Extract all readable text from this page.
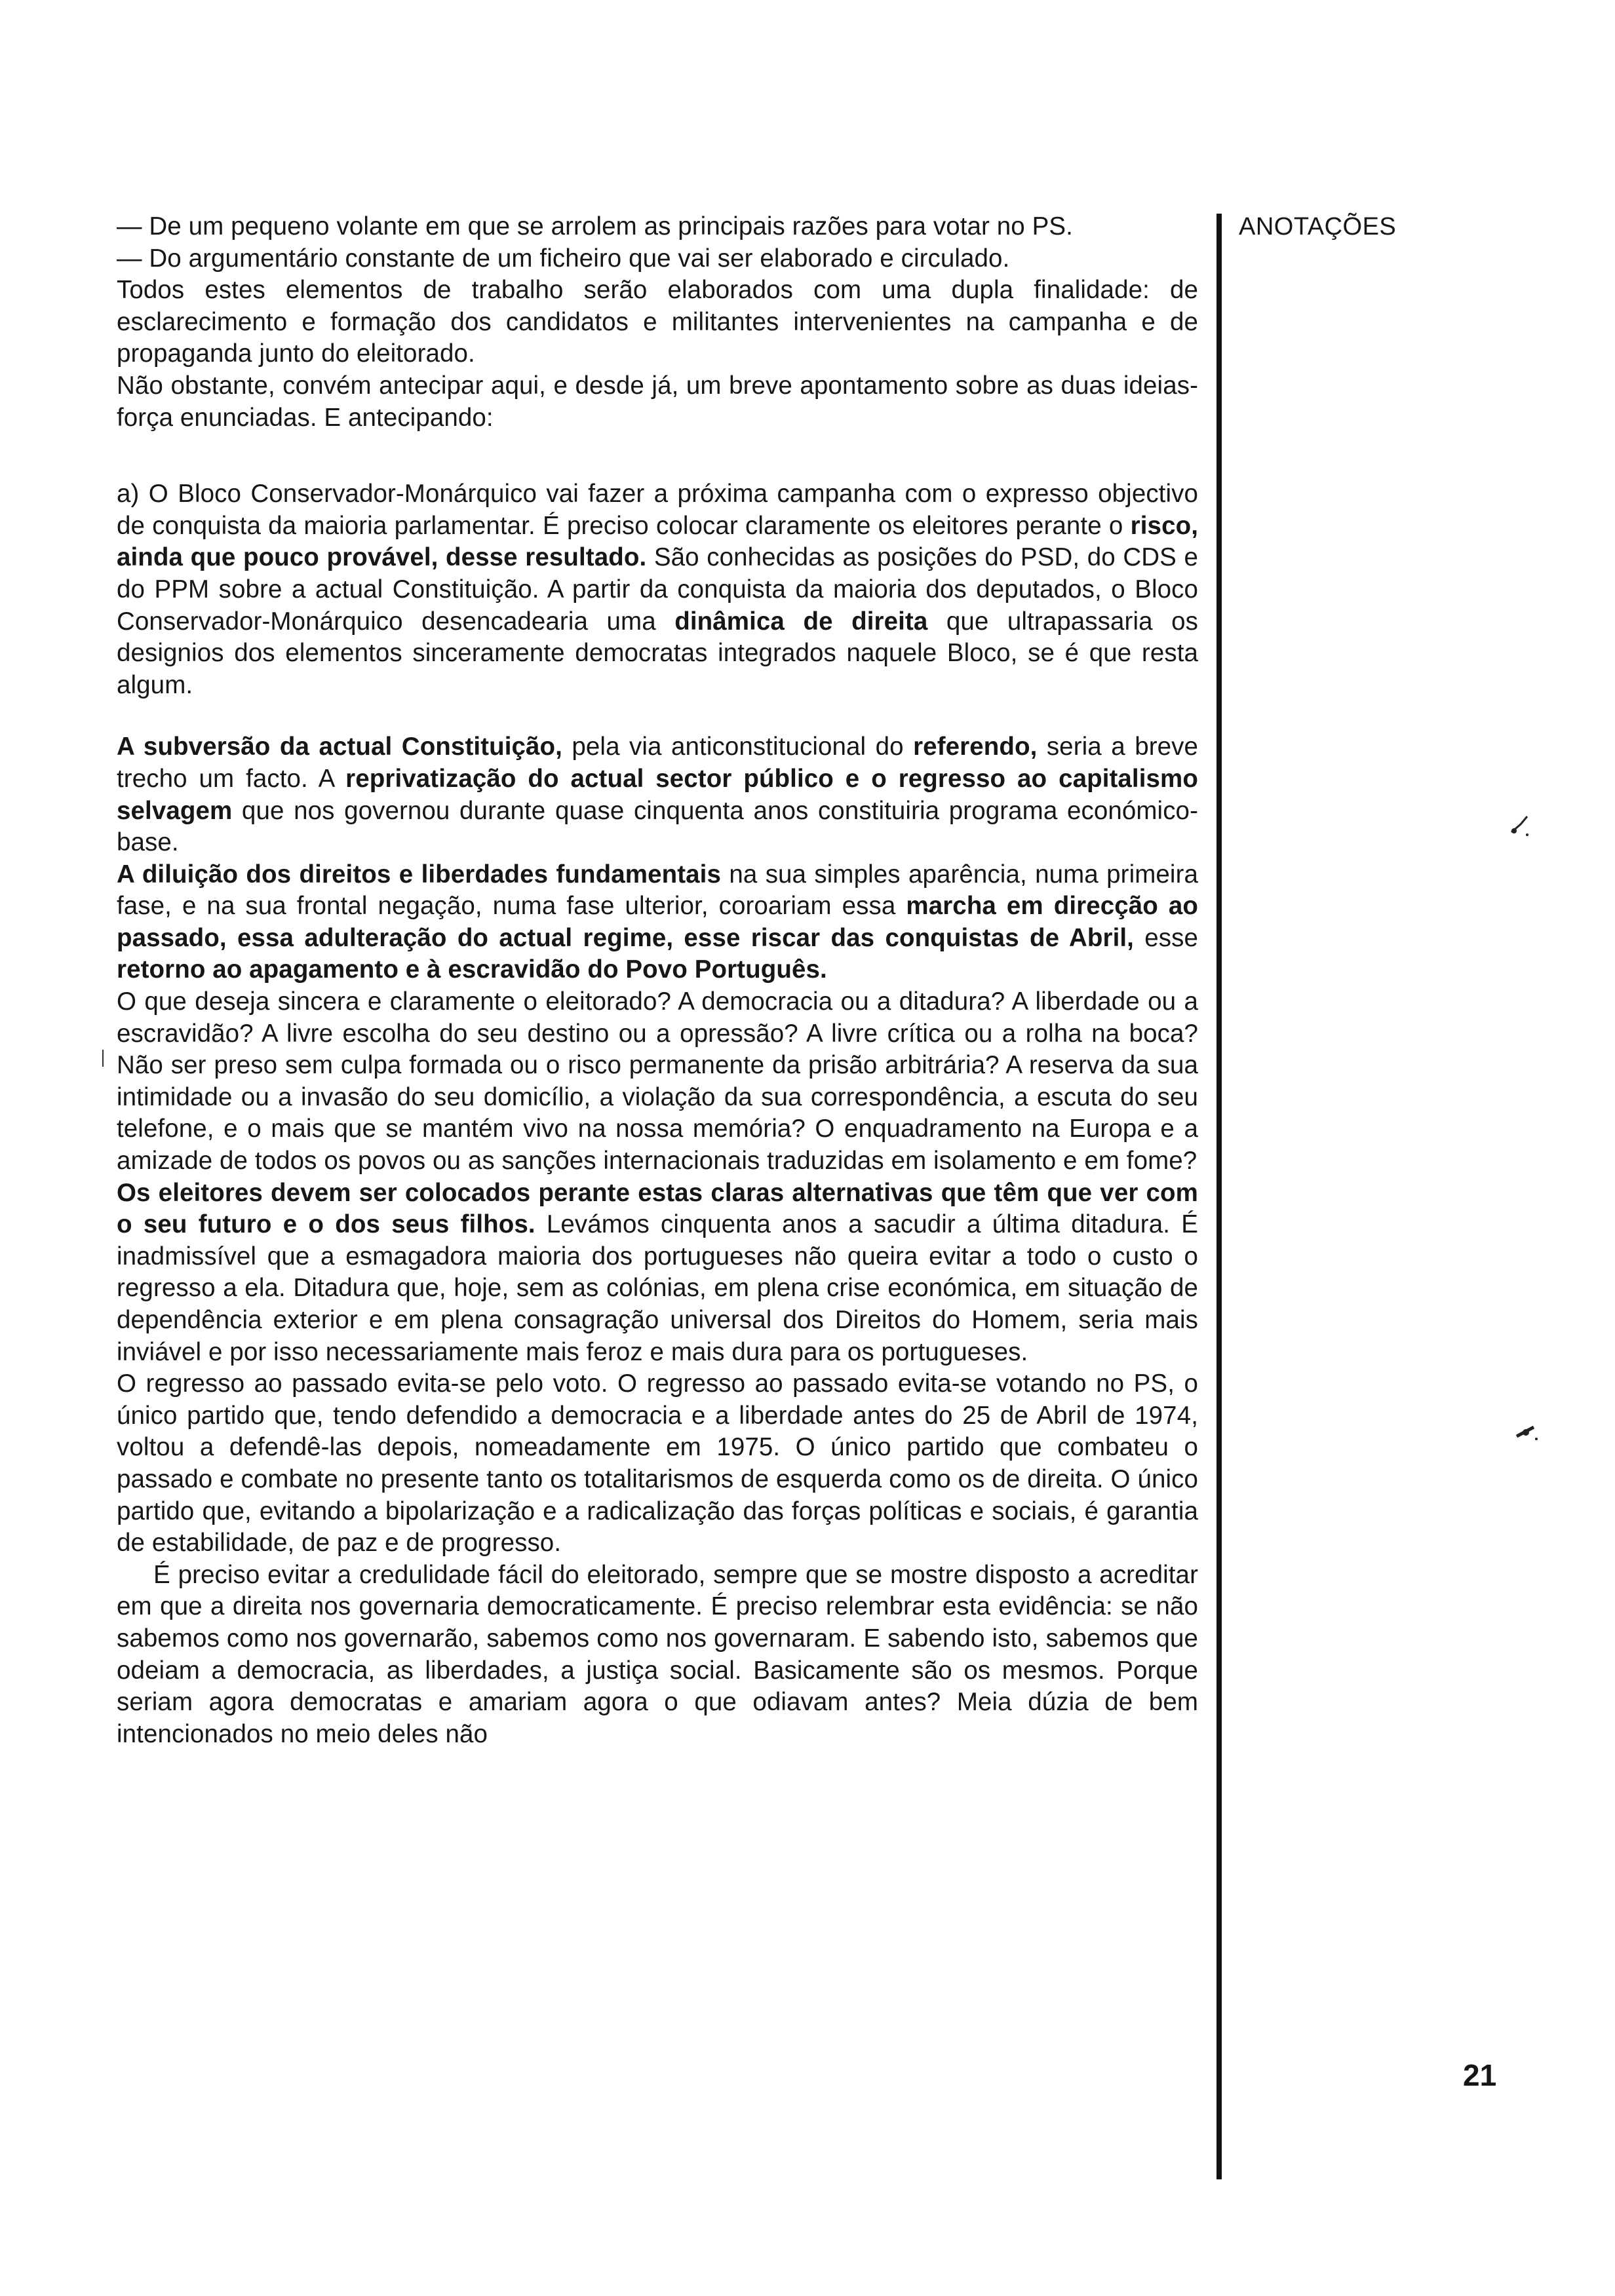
— De um pequeno volante em que se arrolem as principais razões para votar no PS.

— Do argumentário constante de um ficheiro que vai ser elaborado e circulado.

Todos estes elementos de trabalho serão elaborados com uma dupla finalidade: de esclarecimento e formação dos candidatos e militantes intervenientes na campanha e de propaganda junto do eleitorado.

Não obstante, convém antecipar aqui, e desde já, um breve apontamento sobre as duas ideias-força enunciadas. E antecipando:

a) O Bloco Conservador-Monárquico vai fazer a próxima campanha com o expresso objectivo de conquista da maioria parlamentar. É preciso colocar claramente os eleitores perante o risco, ainda que pouco provável, desse resultado. São conhecidas as posições do PSD, do CDS e do PPM sobre a actual Constituição. A partir da conquista da maioria dos deputados, o Bloco Conservador-Monárquico desencadearia uma dinâmica de direita que ultrapassaria os designios dos elementos sinceramente democratas integrados naquele Bloco, se é que resta algum.

A subversão da actual Constituição, pela via anticonstitucional do referendo, seria a breve trecho um facto. A reprivatização do actual sector público e o regresso ao capitalismo selvagem que nos governou durante quase cinquenta anos constituiria programa económico-base.

A diluição dos direitos e liberdades fundamentais na sua simples aparência, numa primeira fase, e na sua frontal negação, numa fase ulterior, coroariam essa marcha em direcção ao passado, essa adulteração do actual regime, esse riscar das conquistas de Abril, esse retorno ao apagamento e à escravidão do Povo Português.

O que deseja sincera e claramente o eleitorado? A democracia ou a ditadura? A liberdade ou a escravidão? A livre escolha do seu destino ou a opressão? A livre crítica ou a rolha na boca? Não ser preso sem culpa formada ou o risco permanente da prisão arbitrária? A reserva da sua intimidade ou a invasão do seu domicílio, a violação da sua correspondência, a escuta do seu telefone, e o mais que se mantém vivo na nossa memória? O enquadramento na Europa e a amizade de todos os povos ou as sanções internacionais traduzidas em isolamento e em fome?

Os eleitores devem ser colocados perante estas claras alternativas que têm que ver com o seu futuro e o dos seus filhos. Levámos cinquenta anos a sacudir a última ditadura. É inadmissível que a esmagadora maioria dos portugueses não queira evitar a todo o custo o regresso a ela. Ditadura que, hoje, sem as colónias, em plena crise económica, em situação de dependência exterior e em plena consagração universal dos Direitos do Homem, seria mais inviável e por isso necessariamente mais feroz e mais dura para os portugueses.

O regresso ao passado evita-se pelo voto. O regresso ao passado evita-se votando no PS, o único partido que, tendo defendido a democracia e a liberdade antes do 25 de Abril de 1974, voltou a defendê-las depois, nomeadamente em 1975. O único partido que combateu o passado e combate no presente tanto os totalitarismos de esquerda como os de direita. O único partido que, evitando a bipolarização e a radicalização das forças políticas e sociais, é garantia de estabilidade, de paz e de progresso.

É preciso evitar a credulidade fácil do eleitorado, sempre que se mostre disposto a acreditar em que a direita nos governaria democraticamente. É preciso relembrar esta evidência: se não sabemos como nos governarão, sabemos como nos governaram. E sabendo isto, sabemos que odeiam a democracia, as liberdades, a justiça social. Basicamente são os mesmos. Porque seriam agora democratas e amariam agora o que odiavam antes? Meia dúzia de bem intencionados no meio deles não

ANOTAÇÕES
21
